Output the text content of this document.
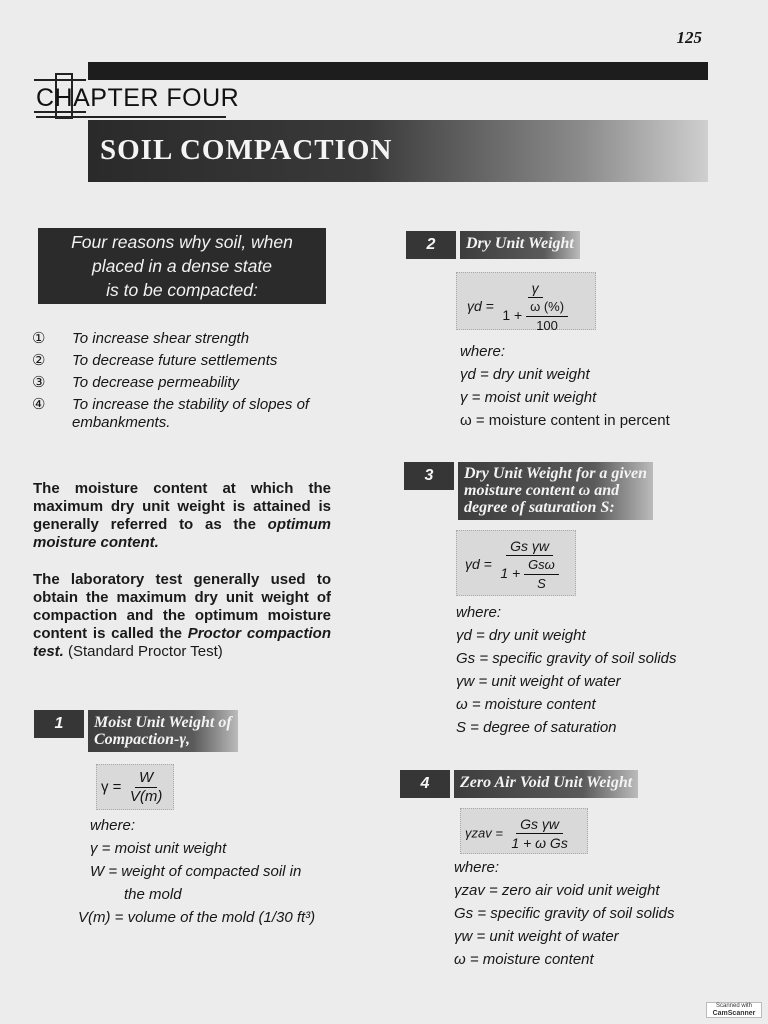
125
CHAPTER FOUR
SOIL COMPACTION
Four reasons why soil, when
placed in a dense state
is to be compacted:
①	To increase shear strength
②	To decrease future settlements
③	To decrease permeability
④	To increase the stability of slopes of embankments.

The moisture content at which the maximum dry unit weight is attained is generally referred to as the optimum moisture content.

The laboratory test generally used to obtain the maximum dry unit weight of compaction and the optimum moisture content is called the Proctor compaction test. (Standard Proctor Test)

1	Moist Unit Weight of
Compaction-γ,
$\gamma = \frac{W}{V(m)}$
where:
γ = moist unit weight
W = weight of compacted soil in
the mold
V(m) = volume of the mold (1/30 ft³)
2	Dry Unit Weight
$\gamma d = \frac{\gamma}{1 + \frac{\omega (\%)}{100}}$
where:
γd = dry unit weight
γ = moist unit weight
ω = moisture content in percent
3	Dry Unit Weight for a given
moisture content ω and
degree of saturation S:
$\gamma d = \frac{\text{Gs γw}}{1 + \frac{\text{Gsω}}{S}}$
where:
γd = dry unit weight
Gs = specific gravity of soil solids
γw = unit weight of water
ω = moisture content
S = degree of saturation
4	Zero Air Void Unit Weight
$\gamma zav = \frac{\text{Gs γw}}{\text{1 + ω Gs}}$
where:
γzav = zero air void unit weight
Gs = specific gravity of soil solids
γw = unit weight of water
ω = moisture content
Scanned with
CamScanner
